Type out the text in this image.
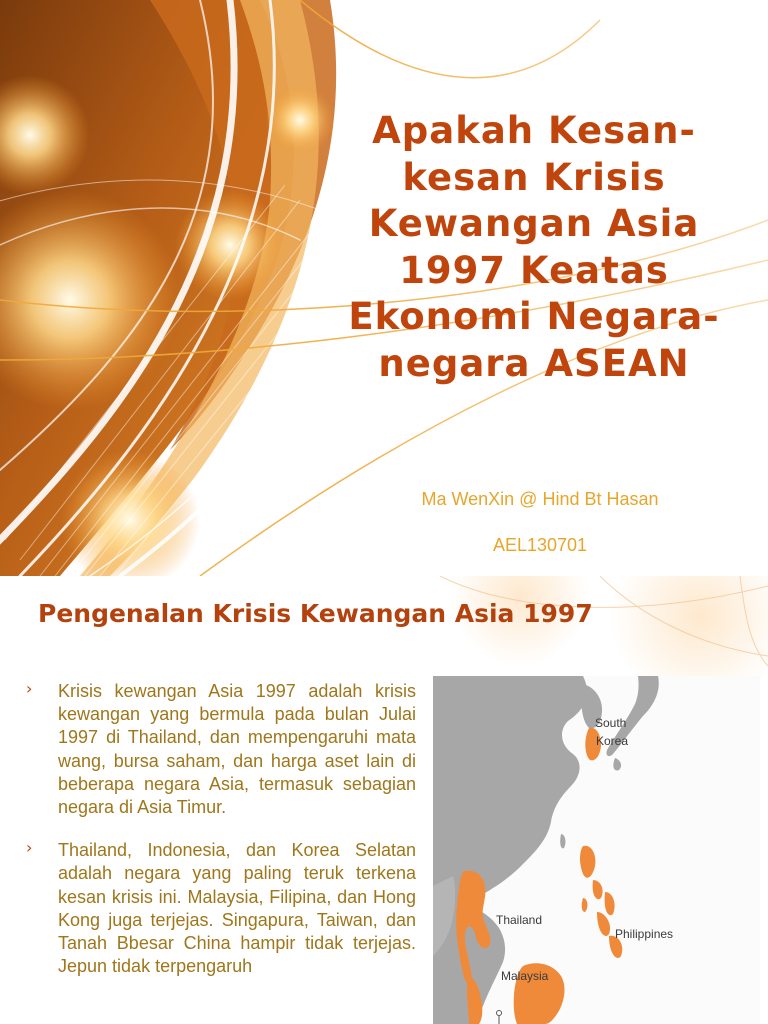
Apakah Kesan-
kesan Krisis
Kewangan Asia
1997 Keatas
Ekonomi Negara-
negara ASEAN
Ma WenXin @ Hind Bt Hasan
AEL130701
Pengenalan Krisis Kewangan Asia 1997
› Krisis kewangan Asia 1997 adalah krisis kewangan yang bermula pada bulan Julai 1997 di Thailand, dan mempengaruhi mata wang, bursa saham, dan harga aset lain di beberapa negara Asia, termasuk sebagian negara di Asia Timur.
› Thailand, Indonesia, dan Korea Selatan adalah negara yang paling teruk terkena kesan krisis ini. Malaysia, Filipina, dan Hong Kong juga terjejas. Singapura, Taiwan, dan Tanah Bbesar China hampir tidak terjejas. Jepun tidak terpengaruh
South
Korea
Thailand
Philippines
Malaysia
